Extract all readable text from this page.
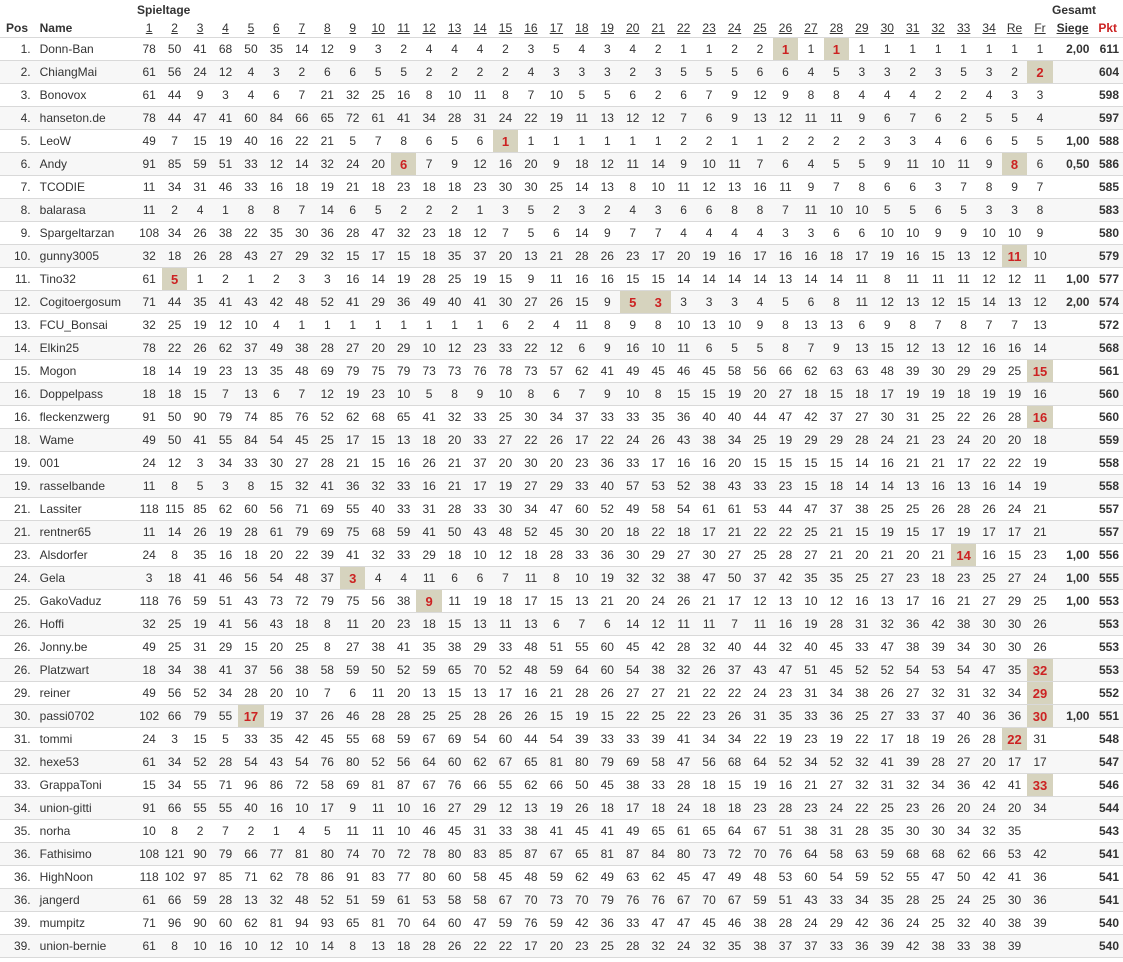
Spieltage	Gesamt
Pos	Name	1	2	3	4	5	6	7	8	9	10	11	12	13	14	15	16	17	18	19	20	21	22	23	24	25	26	27	28	29	30	31	32	33	34	Re	Fr	Siege	Pkt
1.	Donn-Ban	78	50	41	68	50	35	14	12	9	3	2	4	4	4	2	3	5	4	3	4	2	1	1	2	2	1	1	1	1	1	1	1	1	1	1	1	2,00	611
2.	ChiangMai	61	56	24	12	4	3	2	6	6	5	5	2	2	2	2	4	3	3	3	2	3	5	5	5	6	6	4	5	3	3	2	3	5	3	2	2		604
3.	Bonovox	61	44	9	3	4	6	7	21	32	25	16	8	10	11	8	7	10	5	5	6	2	6	7	9	12	9	8	8	4	4	4	2	2	4	3	3		598
4.	hanseton.de	78	44	47	41	60	84	66	65	72	61	41	34	28	31	24	22	19	11	13	12	12	7	6	9	13	12	11	11	9	6	7	6	2	5	5	4		597
5.	LeoW	49	7	15	19	40	16	22	21	5	7	8	6	5	6	1	1	1	1	1	1	1	2	2	1	1	2	2	2	2	3	3	4	6	6	5	5	1,00	588
6.	Andy	91	85	59	51	33	12	14	32	24	20	6	7	9	12	16	20	9	18	12	11	14	9	10	11	7	6	4	5	5	9	11	10	11	9	8	6	0,50	586
7.	TCODIE	11	34	31	46	33	16	18	19	21	18	23	18	18	23	30	30	25	14	13	8	10	11	12	13	16	11	9	7	8	6	6	3	7	8	9	7		585
8.	balarasa	11	2	4	1	8	8	7	14	6	5	2	2	2	1	3	5	2	3	2	4	3	6	6	8	8	7	11	10	10	5	5	6	5	3	3	8		583
9.	Spargeltarzan	108	34	26	38	22	35	30	36	28	47	32	23	18	12	7	5	6	14	9	7	7	4	4	4	4	3	3	6	6	10	10	9	9	10	10	9		580
10.	gunny3005	32	18	26	28	43	27	29	32	15	17	15	18	35	37	20	13	21	28	26	23	17	20	19	16	17	16	16	18	17	19	16	15	13	12	11	10		579
11.	Tino32	61	5	1	2	1	2	3	3	16	14	19	28	25	19	15	9	11	16	16	15	15	14	14	14	14	13	14	14	11	8	11	11	11	12	12	11	1,00	577
12.	Cogitoergosum	71	44	35	41	43	42	48	52	41	29	36	49	40	41	30	27	26	15	9	5	3	3	3	3	4	5	6	8	11	12	13	12	15	14	13	12	2,00	574
13.	FCU_Bonsai	32	25	19	12	10	4	1	1	1	1	1	1	1	1	6	2	4	11	8	9	8	10	13	10	9	8	13	13	6	9	8	7	8	7	7	13		572
14.	Elkin25	78	22	26	62	37	49	38	28	27	20	29	10	12	23	33	22	12	6	9	16	10	11	6	5	5	8	7	9	13	15	12	13	12	16	16	14		568
15.	Mogon	18	14	19	23	13	35	48	69	79	75	79	73	73	76	78	73	57	62	41	49	45	46	45	58	56	66	62	63	63	48	39	30	29	29	25	15		561
16.	Doppelpass	18	18	15	7	13	6	7	12	19	23	10	5	8	9	10	8	6	7	9	10	8	15	15	19	20	27	18	15	18	17	19	19	18	19	19	16		560
16.	fleckenzwerg	91	50	90	79	74	85	76	52	62	68	65	41	32	33	25	30	34	37	33	33	35	36	40	40	44	47	42	37	27	30	31	25	22	26	28	16		560
18.	Wame	49	50	41	55	84	54	45	25	17	15	13	18	20	33	27	22	26	17	22	24	26	43	38	34	25	19	29	29	28	24	21	23	24	20	20	18		559
19.	001	24	12	3	34	33	30	27	28	21	15	16	26	21	37	20	30	20	23	36	33	17	16	16	20	15	15	15	15	14	16	21	21	17	22	22	19		558
19.	rasselbande	11	8	5	3	8	15	32	41	36	32	33	16	21	17	19	27	29	33	40	57	53	52	38	43	33	23	15	18	14	14	13	16	13	16	14	19		558
21.	Lassiter	118	115	85	62	60	56	71	69	55	40	33	31	28	33	30	34	47	60	52	49	58	54	61	61	53	44	47	37	38	25	25	26	28	26	24	21		557
21.	rentner65	11	14	26	19	28	61	79	69	75	68	59	41	50	43	48	52	45	30	20	18	22	18	17	21	22	22	25	21	15	19	15	17	19	17	17	21		557
23.	Alsdorfer	24	8	35	16	18	20	22	39	41	32	33	29	18	10	12	18	28	33	36	30	29	27	30	27	25	28	27	21	20	21	20	21	14	16	15	23	1,00	556
24.	Gela	3	18	41	46	56	54	48	37	3	4	4	11	6	6	7	11	8	10	19	32	32	38	47	50	37	42	35	35	25	27	23	18	23	25	27	24	1,00	555
25.	GakoVaduz	118	76	59	51	43	73	72	79	75	56	38	9	11	19	18	17	15	13	21	20	24	26	21	17	12	13	10	12	16	13	17	16	21	27	29	25	1,00	553
26.	Hoffi	32	25	19	41	56	43	18	8	11	20	23	18	15	13	11	13	6	7	6	14	12	11	11	7	11	16	19	28	31	32	36	42	38	30	30	26		553
26.	Jonny.be	49	25	31	29	15	20	25	8	27	38	41	35	38	29	33	48	51	55	60	45	42	28	32	40	44	32	40	45	33	47	38	39	34	30	30	26		553
26.	Platzwart	18	34	38	41	37	56	38	58	59	50	52	59	65	70	52	48	59	64	60	54	38	32	26	37	43	47	51	45	52	52	54	53	54	47	35	32		553
29.	reiner	49	56	52	34	28	20	10	7	6	11	20	13	15	13	17	16	21	28	26	27	27	21	22	22	24	23	31	34	38	26	27	32	31	32	34	29		552
30.	passi0702	102	66	79	55	17	19	37	26	46	28	28	25	25	28	26	26	15	19	15	22	25	22	23	26	31	35	33	36	25	27	33	37	40	36	36	30	1,00	551
31.	tommi	24	3	15	5	33	35	42	45	55	68	59	67	69	54	60	44	54	39	33	33	39	41	34	34	22	19	23	19	22	17	18	19	26	28	22	31		548
32.	hexe53	61	34	52	28	54	43	54	76	80	52	56	64	60	62	67	65	81	80	79	69	58	47	56	68	64	52	34	52	32	41	39	28	27	20	17	17		547
33.	GrappaToni	15	34	55	71	96	86	72	58	69	81	87	67	76	66	55	62	66	50	45	38	33	28	18	15	19	16	21	27	32	31	32	34	36	42	41	33		546
34.	union-gitti	91	66	55	55	40	16	10	17	9	11	10	16	27	29	12	13	19	26	18	17	18	24	18	18	23	28	23	24	22	25	23	26	20	24	20	34		544
35.	norha	10	8	2	7	2	1	4	5	11	11	10	46	45	31	33	38	41	45	41	49	65	61	65	64	67	51	38	31	28	35	30	30	34	32	35			543
36.	Fathisimo	108	121	90	79	66	77	81	80	74	70	72	78	80	83	85	87	67	65	81	87	84	80	73	72	70	76	64	58	63	59	68	68	62	66	53	42		541
36.	HighNoon	118	102	97	85	71	62	78	86	91	83	77	80	60	58	45	48	59	62	49	63	62	45	47	49	48	53	60	54	59	52	55	47	50	42	41	36		541
36.	jangerd	61	66	59	28	13	32	48	52	51	59	61	53	58	58	67	70	73	70	79	76	76	67	70	67	59	51	43	33	34	35	28	25	24	25	30	36		541
39.	mumpitz	71	96	90	60	62	81	94	93	65	81	70	64	60	47	59	76	59	42	36	33	47	47	45	46	38	28	24	29	42	36	24	25	32	40	38	39		540
39.	union-bernie	61	8	10	16	10	12	10	14	8	13	18	28	26	22	22	17	20	23	25	28	32	24	32	35	38	37	37	33	36	39	42	38	33	38	39			540
